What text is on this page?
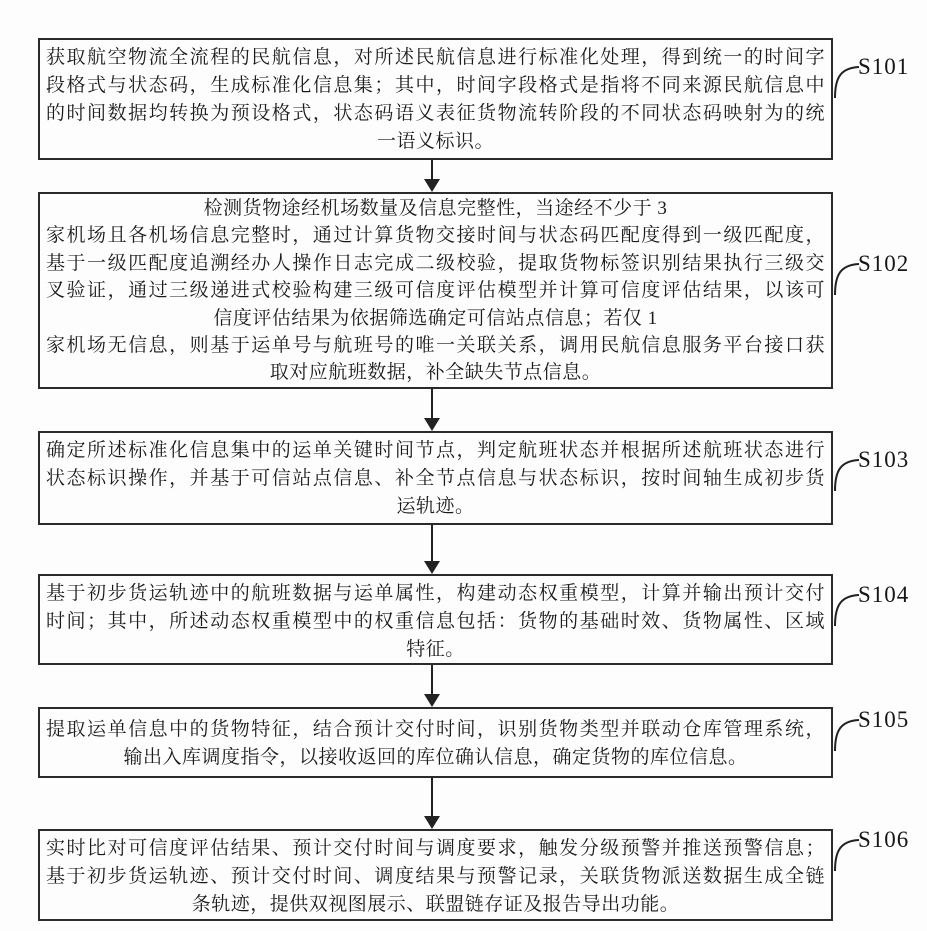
获取航空物流全流程的民航信息，对所述民航信息进行标准化处理，得到统一的时间字
段格式与状态码，生成标准化信息集；其中，时间字段格式是指将不同来源民航信息中
的时间数据均转换为预设格式，状态码语义表征货物流转阶段的不同状态码映射为的统
一语义标识。
S101
检测货物途经机场数量及信息完整性，当途经不少于 3
家机场且各机场信息完整时，通过计算货物交接时间与状态码匹配度得到一级匹配度，
基于一级匹配度追溯经办人操作日志完成二级校验，提取货物标签识别结果执行三级交
叉验证，通过三级递进式校验构建三级可信度评估模型并计算可信度评估结果，以该可
信度评估结果为依据筛选确定可信站点信息；若仅 1
家机场无信息，则基于运单号与航班号的唯一关联关系，调用民航信息服务平台接口获
取对应航班数据，补全缺失节点信息。
S102
确定所述标准化信息集中的运单关键时间节点，判定航班状态并根据所述航班状态进行
状态标识操作，并基于可信站点信息、补全节点信息与状态标识，按时间轴生成初步货
运轨迹。
S103
基于初步货运轨迹中的航班数据与运单属性，构建动态权重模型，计算并输出预计交付
时间；其中，所述动态权重模型中的权重信息包括：货物的基础时效、货物属性、区域
特征。
S104
提取运单信息中的货物特征，结合预计交付时间，识别货物类型并联动仓库管理系统，
输出入库调度指令，以接收返回的库位确认信息，确定货物的库位信息。
S105
实时比对可信度评估结果、预计交付时间与调度要求，触发分级预警并推送预警信息；
基于初步货运轨迹、预计交付时间、调度结果与预警记录，关联货物派送数据生成全链
条轨迹，提供双视图展示、联盟链存证及报告导出功能。
S106
